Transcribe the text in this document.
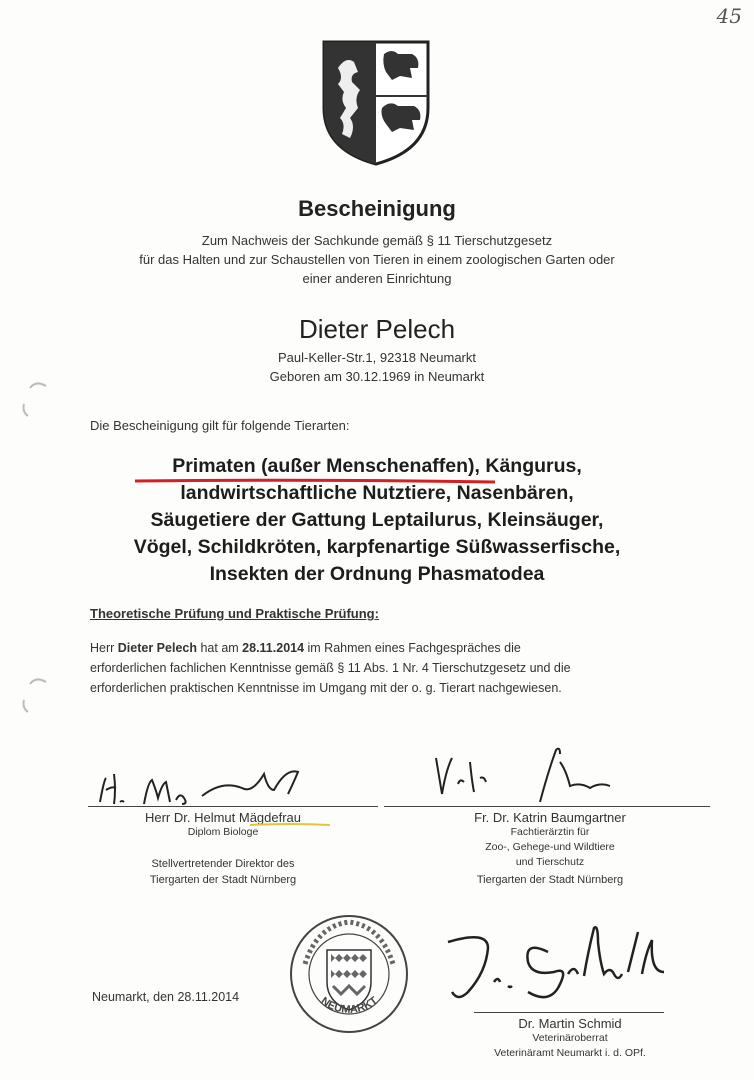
45
Bescheinigung
Zum Nachweis der Sachkunde gemäß § 11 Tierschutzgesetz
für das Halten und zur Schaustellen von Tieren in einem zoologischen Garten oder
einer anderen Einrichtung
Dieter Pelech
Paul-Keller-Str.1, 92318 Neumarkt
Geboren am 30.12.1969 in Neumarkt
Die Bescheinigung gilt für folgende Tierarten:
Primaten (außer Menschenaffen), Kängurus,
landwirtschaftliche Nutztiere, Nasenbären,
Säugetiere der Gattung Leptailurus, Kleinsäuger,
Vögel, Schildkröten, karpfenartige Süßwasserfische,
Insekten der Ordnung Phasmatodea
Theoretische Prüfung und Praktische Prüfung:
Herr Dieter Pelech hat am 28.11.2014 im Rahmen eines Fachgespräches die
erforderlichen fachlichen Kenntnisse gemäß § 11 Abs. 1 Nr. 4 Tierschutzgesetz und die
erforderlichen praktischen Kenntnisse im Umgang mit der o. g. Tierart nachgewiesen.
Herr Dr. Helmut Mägdefrau
Diplom Biologe
Stellvertretender Direktor des
Tiergarten der Stadt Nürnberg
Fr. Dr. Katrin Baumgartner
Fachtierärztin für
Zoo-, Gehege-und Wildtiere
und Tierschutz
Tiergarten der Stadt Nürnberg
NEUMARKT
Neumarkt, den 28.11.2014
Dr. Martin Schmid
Veterinäroberrat
Veterinäramt Neumarkt i. d. OPf.
